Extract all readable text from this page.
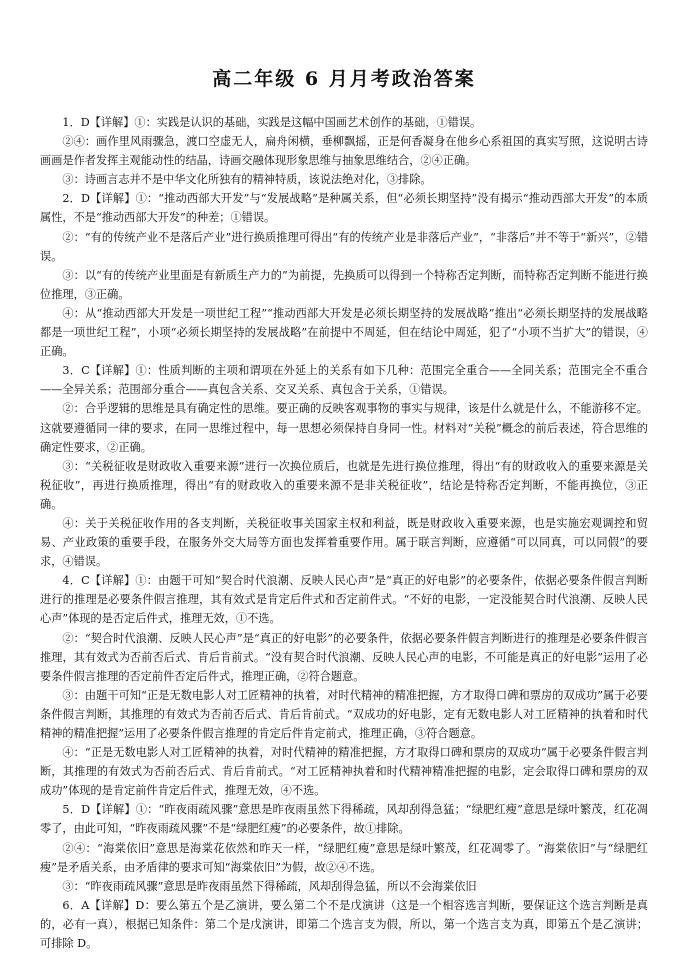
高二年级 6 月月考政治答案

1．D【详解】①：实践是认识的基础，实践是这幅中国画艺术创作的基础，①错误。

②④：画作里风雨骤急，渡口空虚无人，扁舟闲横，垂柳飘摇，正是何香凝身在他乡心系祖国的真实写照，这说明古诗画画是作者发挥主观能动性的结晶，诗画交融体现形象思维与抽象思维结合，②④正确。

③：诗画言志并不是中华文化所独有的精神特质，该说法绝对化，③排除。

2．D【详解】①：“推动西部大开发”与“发展战略”是种属关系，但“必须长期坚持”没有揭示“推动西部大开发”的本质属性，不是“推动西部大开发”的种差；①错误。

②：“有的传统产业不是落后产业”进行换质推理可得出“有的传统产业是非落后产业”，“非落后”并不等于“新兴”，②错误。

③：以“有的传统产业里面是有新质生产力的”为前提，先换质可以得到一个特称否定判断，而特称否定判断不能进行换位推理，③正确。

④：从“推动西部大开发是一项世纪工程”“推动西部大开发是必须长期坚持的发展战略”推出“必须长期坚持的发展战略都是一项世纪工程”，小项“必须长期坚持的发展战略”在前提中不周延，但在结论中周延，犯了“小项不当扩大”的错误，④正确。

3．C【详解】①：性质判断的主项和谓项在外延上的关系有如下几种：范围完全重合——全同关系；范围完全不重合——全异关系；范围部分重合——真包含关系、交叉关系、真包含于关系，①错误。

②：合乎逻辑的思维是具有确定性的思维。要正确的反映客观事物的事实与规律，该是什么就是什么，不能游移不定。这就要遵循同一律的要求，在同一思维过程中，每一思想必须保持自身同一性。材料对“关税”概念的前后表述，符合思维的确定性要求，②正确。

③：“关税征收是财政收入重要来源”进行一次换位质后，也就是先进行换位推理，得出“有的财政收入的重要来源是关税征收”，再进行换质推理，得出“有的财政收入的重要来源不是非关税征收”，结论是特称否定判断，不能再换位，③正确。

④：关于关税征收作用的各支判断，关税征收事关国家主权和利益，既是财政收入重要来源，也是实施宏观调控和贸易、产业政策的重要手段，在服务外交大局等方面也发挥着重要作用。属于联言判断，应遵循“可以同真，可以同假”的要求，④错误。

4．C【详解】①：由题干可知“契合时代浪潮、反映人民心声”是“真正的好电影”的必要条件，依据必要条件假言判断进行的推理是必要条件假言推理，其有效式是肯定后件式和否定前件式。“不好的电影，一定没能契合时代浪潮、反映人民心声”体现的是否定后件式，推理无效，①不选。

②：“契合时代浪潮、反映人民心声”是“真正的好电影”的必要条件，依据必要条件假言判断进行的推理是必要条件假言推理，其有效式为否前否后式、肯后肯前式。“没有契合时代浪潮、反映人民心声的电影，不可能是真正的好电影”运用了必要条件假言推理的否定前件否定后件式，推理正确，②符合题意。

③：由题干可知“正是无数电影人对工匠精神的执着，对时代精神的精准把握，方才取得口碑和票房的双成功”属于必要条件假言判断，其推理的有效式为否前否后式、肯后肯前式。“双成功的好电影，定有无数电影人对工匠精神的执着和时代精神的精准把握”运用了必要条件假言推理的肯定后件肯定前式，推理正确，③符合题意。

④：“正是无数电影人对工匠精神的执着，对时代精神的精准把握，方才取得口碑和票房的双成功”属于必要条件假言判断，其推理的有效式为否前否后式、肯后肯前式。“对工匠精神执着和时代精神精准把握的电影，定会取得口碑和票房的双成功”体现的是肯定前件肯定后件式，推理无效，④不选。

5．D【详解】①：“昨夜雨疏风骤”意思是昨夜雨虽然下得稀疏，风却刮得急猛；“绿肥红瘦”意思是绿叶繁茂，红花凋零了，由此可知，“昨夜雨疏风骤”不是“绿肥红瘦”的必要条件，故①排除。

②④：“海棠依旧”意思是海棠花依然和昨天一样，“绿肥红瘦”意思是绿叶繁茂，红花凋零了。“海棠依旧”与“绿肥红瘦”是矛盾关系，由矛盾律的要求可知“海棠依旧”为假，故②④不选。

③：“昨夜雨疏风骤”意思是昨夜雨虽然下得稀疏，风却刮得急猛，所以不会海棠依旧

6．A【详解】D：要么第五个是乙演讲，要么第二个不是戊演讲（这是一个相容选言判断，要保证这个选言判断是真的，必有一真），根据已知条件：第二个是戊演讲，即第二个选言支为假，所以，第一个选言支为真，即第五个是乙演讲；可排除 D。
